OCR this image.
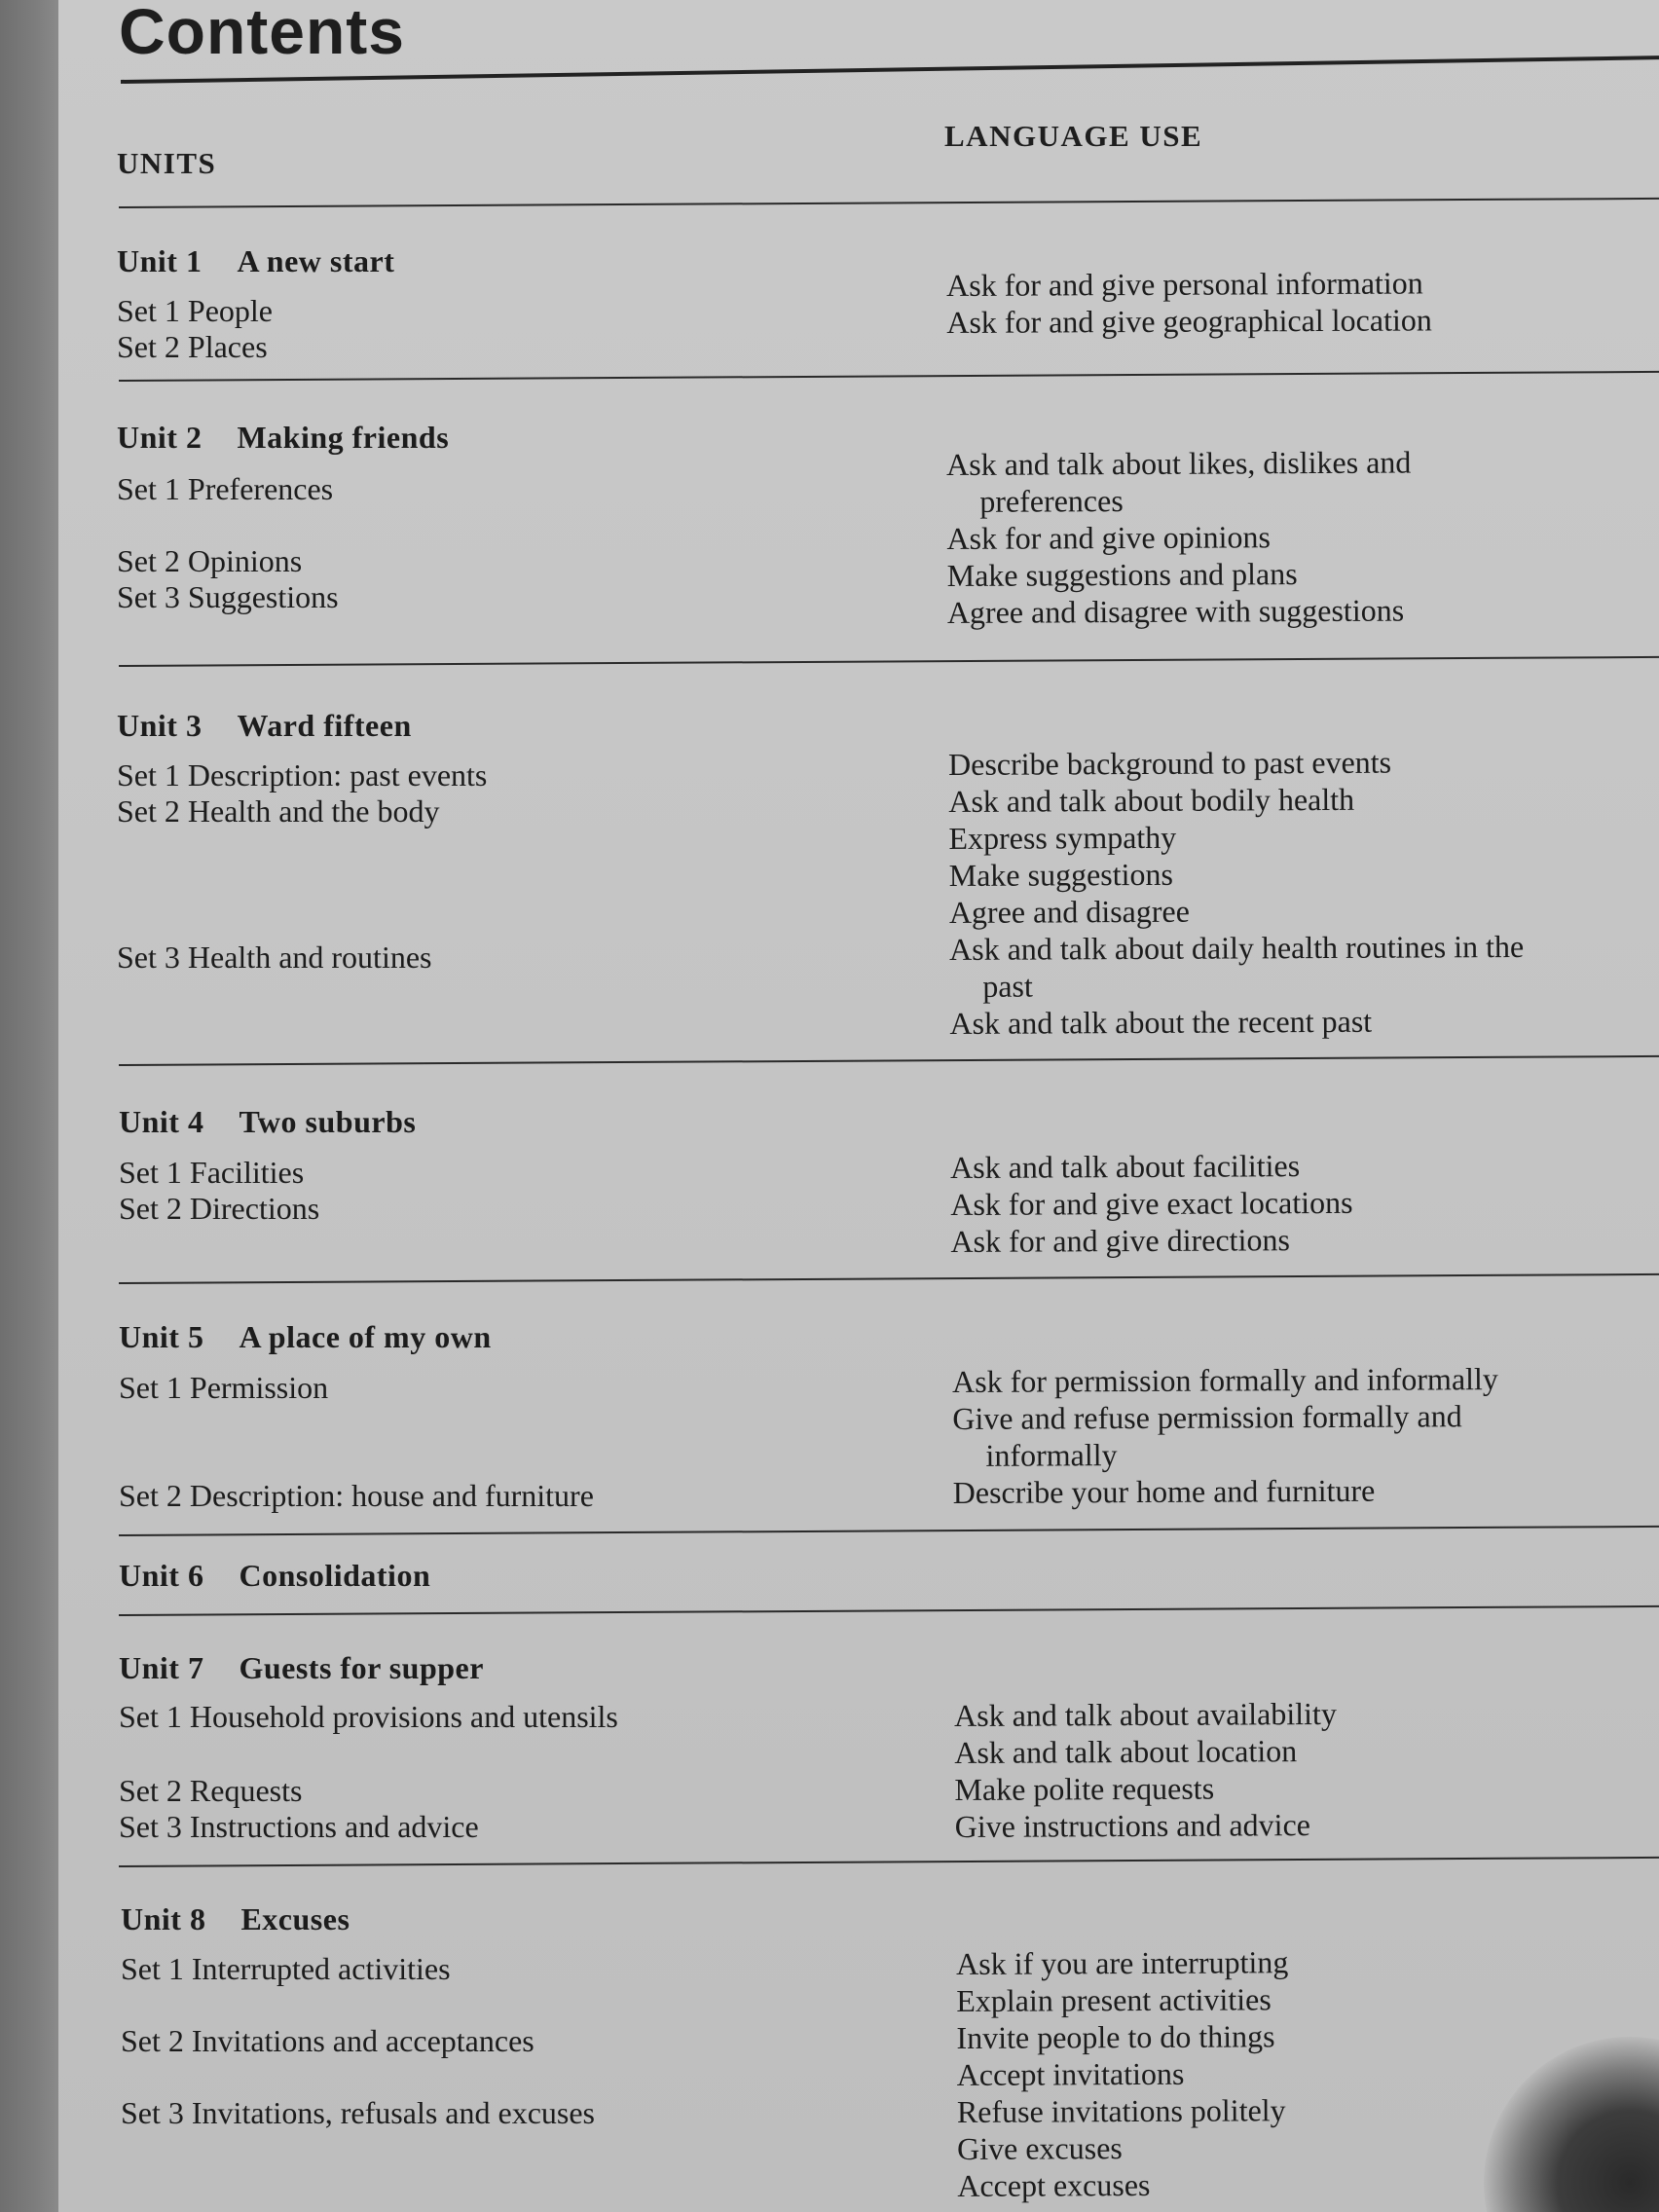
Contents
UNITS
LANGUAGE USE
Unit 1 A new start
Set 1 People
Set 2 Places
Ask for and give personal information
Ask for and give geographical location
Unit 2 Making friends
Set 1 Preferences
Set 2 Opinions
Set 3 Suggestions
Ask and talk about likes, dislikes and preferences
Ask for and give opinions
Make suggestions and plans
Agree and disagree with suggestions
Unit 3 Ward fifteen
Set 1 Description: past events
Set 2 Health and the body
Set 3 Health and routines
Describe background to past events
Ask and talk about bodily health
Express sympathy
Make suggestions
Agree and disagree
Ask and talk about daily health routines in the past
Ask and talk about the recent past
Unit 4 Two suburbs
Set 1 Facilities
Set 2 Directions
Ask and talk about facilities
Ask for and give exact locations
Ask for and give directions
Unit 5 A place of my own
Set 1 Permission
Set 2 Description: house and furniture
Ask for permission formally and informally
Give and refuse permission formally and informally
Describe your home and furniture
Unit 6 Consolidation
Unit 7 Guests for supper
Set 1 Household provisions and utensils
Set 2 Requests
Set 3 Instructions and advice
Ask and talk about availability
Ask and talk about location
Make polite requests
Give instructions and advice
Unit 8 Excuses
Set 1 Interrupted activities
Set 2 Invitations and acceptances
Set 3 Invitations, refusals and excuses
Ask if you are interrupting
Explain present activities
Invite people to do things
Accept invitations
Refuse invitations politely
Give excuses
Accept excuses
